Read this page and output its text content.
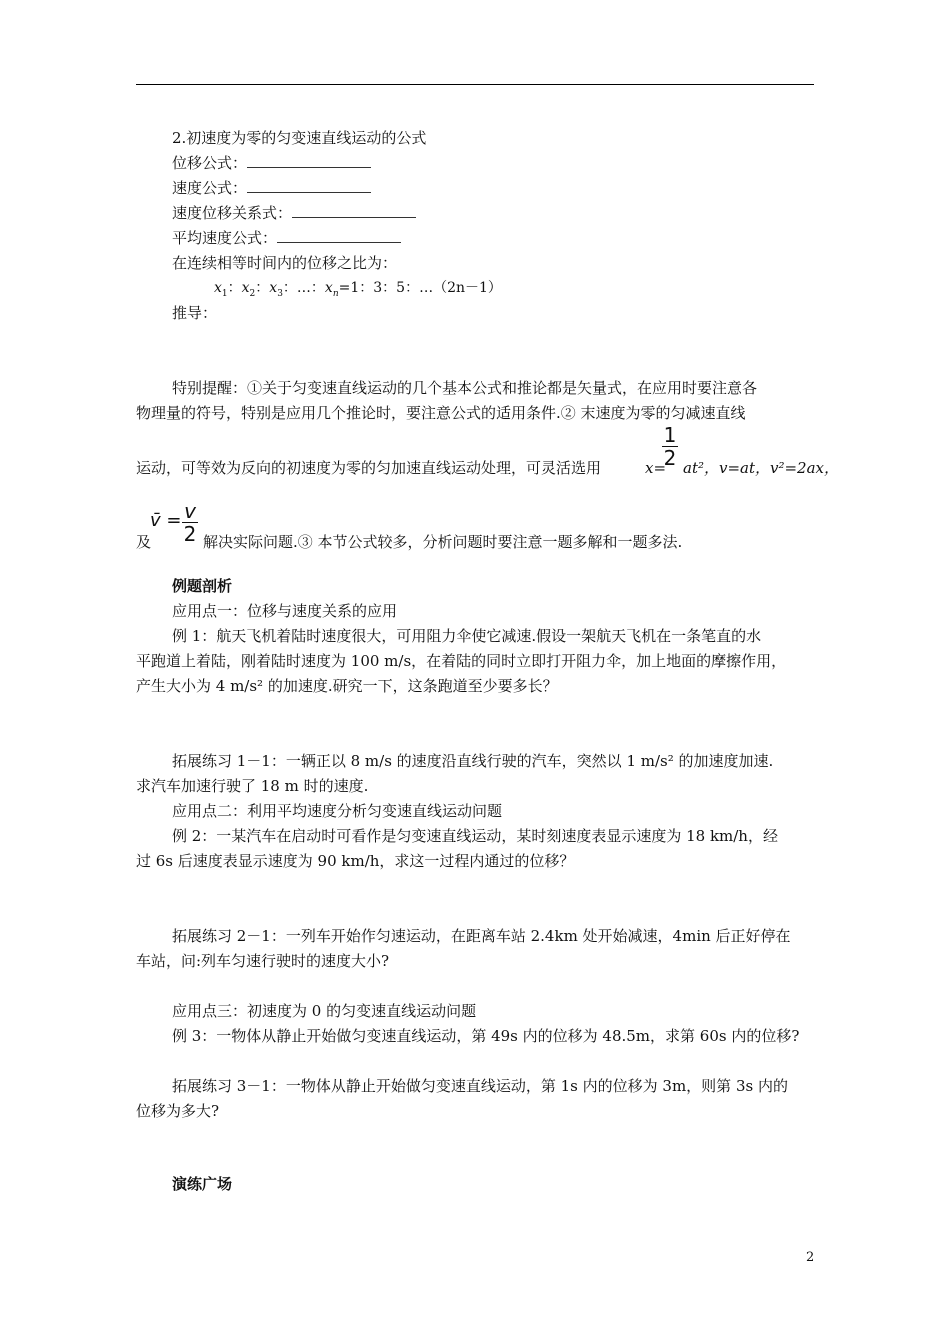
2.初速度为零的匀变速直线运动的公式
位移公式：
速度公式：
速度位移关系式：
平均速度公式：
在连续相等时间内的位移之比为：
$x_1$：$x_2$：$x_3$：…：$x_n=1$：3：5：…（2n－1）
推导：
特别提醒：①关于匀变速直线运动的几个基本公式和推论都是矢量式，在应用时要注意各
物理量的符号，特别是应用几个推论时，要注意公式的适用条件.② 末速度为零的匀减速直线
运动，可等效为反向的初速度为零的匀加速直线运动处理，可灵活选用	x=
1
2 at²，v=at，v²=2ax，
及
v̄ = v
2 解决实际问题.③ 本节公式较多，分析问题时要注意一题多解和一题多法.
例题剖析
应用点一：位移与速度关系的应用
例 1：航天飞机着陆时速度很大，可用阻力伞使它减速.假设一架航天飞机在一条笔直的水
平跑道上着陆，刚着陆时速度为 100 m/s，在着陆的同时立即打开阻力伞，加上地面的摩擦作用，
产生大小为 4 m/s² 的加速度.研究一下，这条跑道至少要多长？
拓展练习 1－1：一辆正以 8 m/s 的速度沿直线行驶的汽车，突然以 1 m/s² 的加速度加速.
求汽车加速行驶了 18 m 时的速度.
应用点二：利用平均速度分析匀变速直线运动问题
例 2：一某汽车在启动时可看作是匀变速直线运动，某时刻速度表显示速度为 18 km/h，经
过 6s 后速度表显示速度为 90 km/h，求这一过程内通过的位移？
拓展练习 2－1：一列车开始作匀速运动，在距离车站 2.4km 处开始减速，4min 后正好停在
车站，问:列车匀速行驶时的速度大小?
应用点三：初速度为 0 的匀变速直线运动问题
例 3：一物体从静止开始做匀变速直线运动，第 49s 内的位移为 48.5m，求第 60s 内的位移?
拓展练习 3－1：一物体从静止开始做匀变速直线运动，第 1s 内的位移为 3m，则第 3s 内的
位移为多大?
演练广场
2
